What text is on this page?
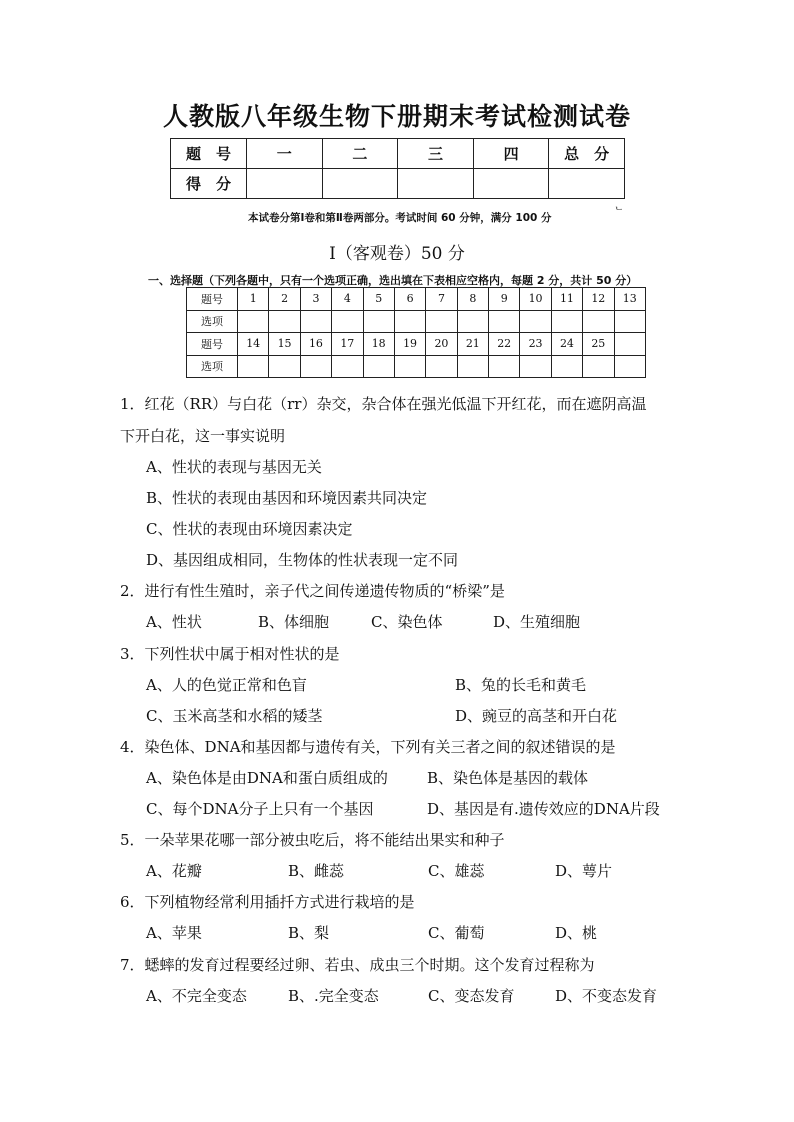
人教版八年级生物下册期末考试检测试卷
题　号	一	二	三	四	总　分
得　分					
本试卷分第Ⅰ卷和第Ⅱ卷两部分。考试时间 60 分钟，满分 100 分	ᄂ
Ⅰ（客观卷）50 分
一、选择题（下列各题中，只有一个选项正确，选出填在下表相应空格内，每题 2 分，共计 50 分）
题号	1	2	3	4	5	6	7	8	9	10	11	12	13
选项													
题号	14	15	16	17	18	19	20	21	22	23	24	25	
选项													
1．红花（RR）与白花（rr）杂交，杂合体在强光低温下开红花，而在遮阴高温
下开白花，这一事实说明
A、性状的表现与基因无关
B、性状的表现由基因和环境因素共同决定
C、性状的表现由环境因素决定
D、基因组成相同，生物体的性状表现一定不同
2．进行有性生殖时，亲子代之间传递遗传物质的“桥梁”是
A、性状	B、体细胞	C、染色体	D、生殖细胞
3．下列性状中属于相对性状的是
A、人的色觉正常和色盲	B、兔的长毛和黄毛
C、玉米高茎和水稻的矮茎	D、豌豆的高茎和开白花
4．染色体、DNA和基因都与遗传有关，下列有关三者之间的叙述错误的是
A、染色体是由DNA和蛋白质组成的	B、染色体是基因的载体
C、每个DNA分子上只有一个基因	D、基因是有.遗传效应的DNA片段
5．一朵苹果花哪一部分被虫吃后，将不能结出果实和种子
A、花瓣	B、雌蕊	C、雄蕊	D、萼片
6．下列植物经常利用插扦方式进行栽培的是
A、苹果	B、梨	C、葡萄	D、桃
7．蟋蟀的发育过程要经过卵、若虫、成虫三个时期。这个发育过程称为
A、不完全变态	B、.完全变态	C、变态发育	D、不变态发育
